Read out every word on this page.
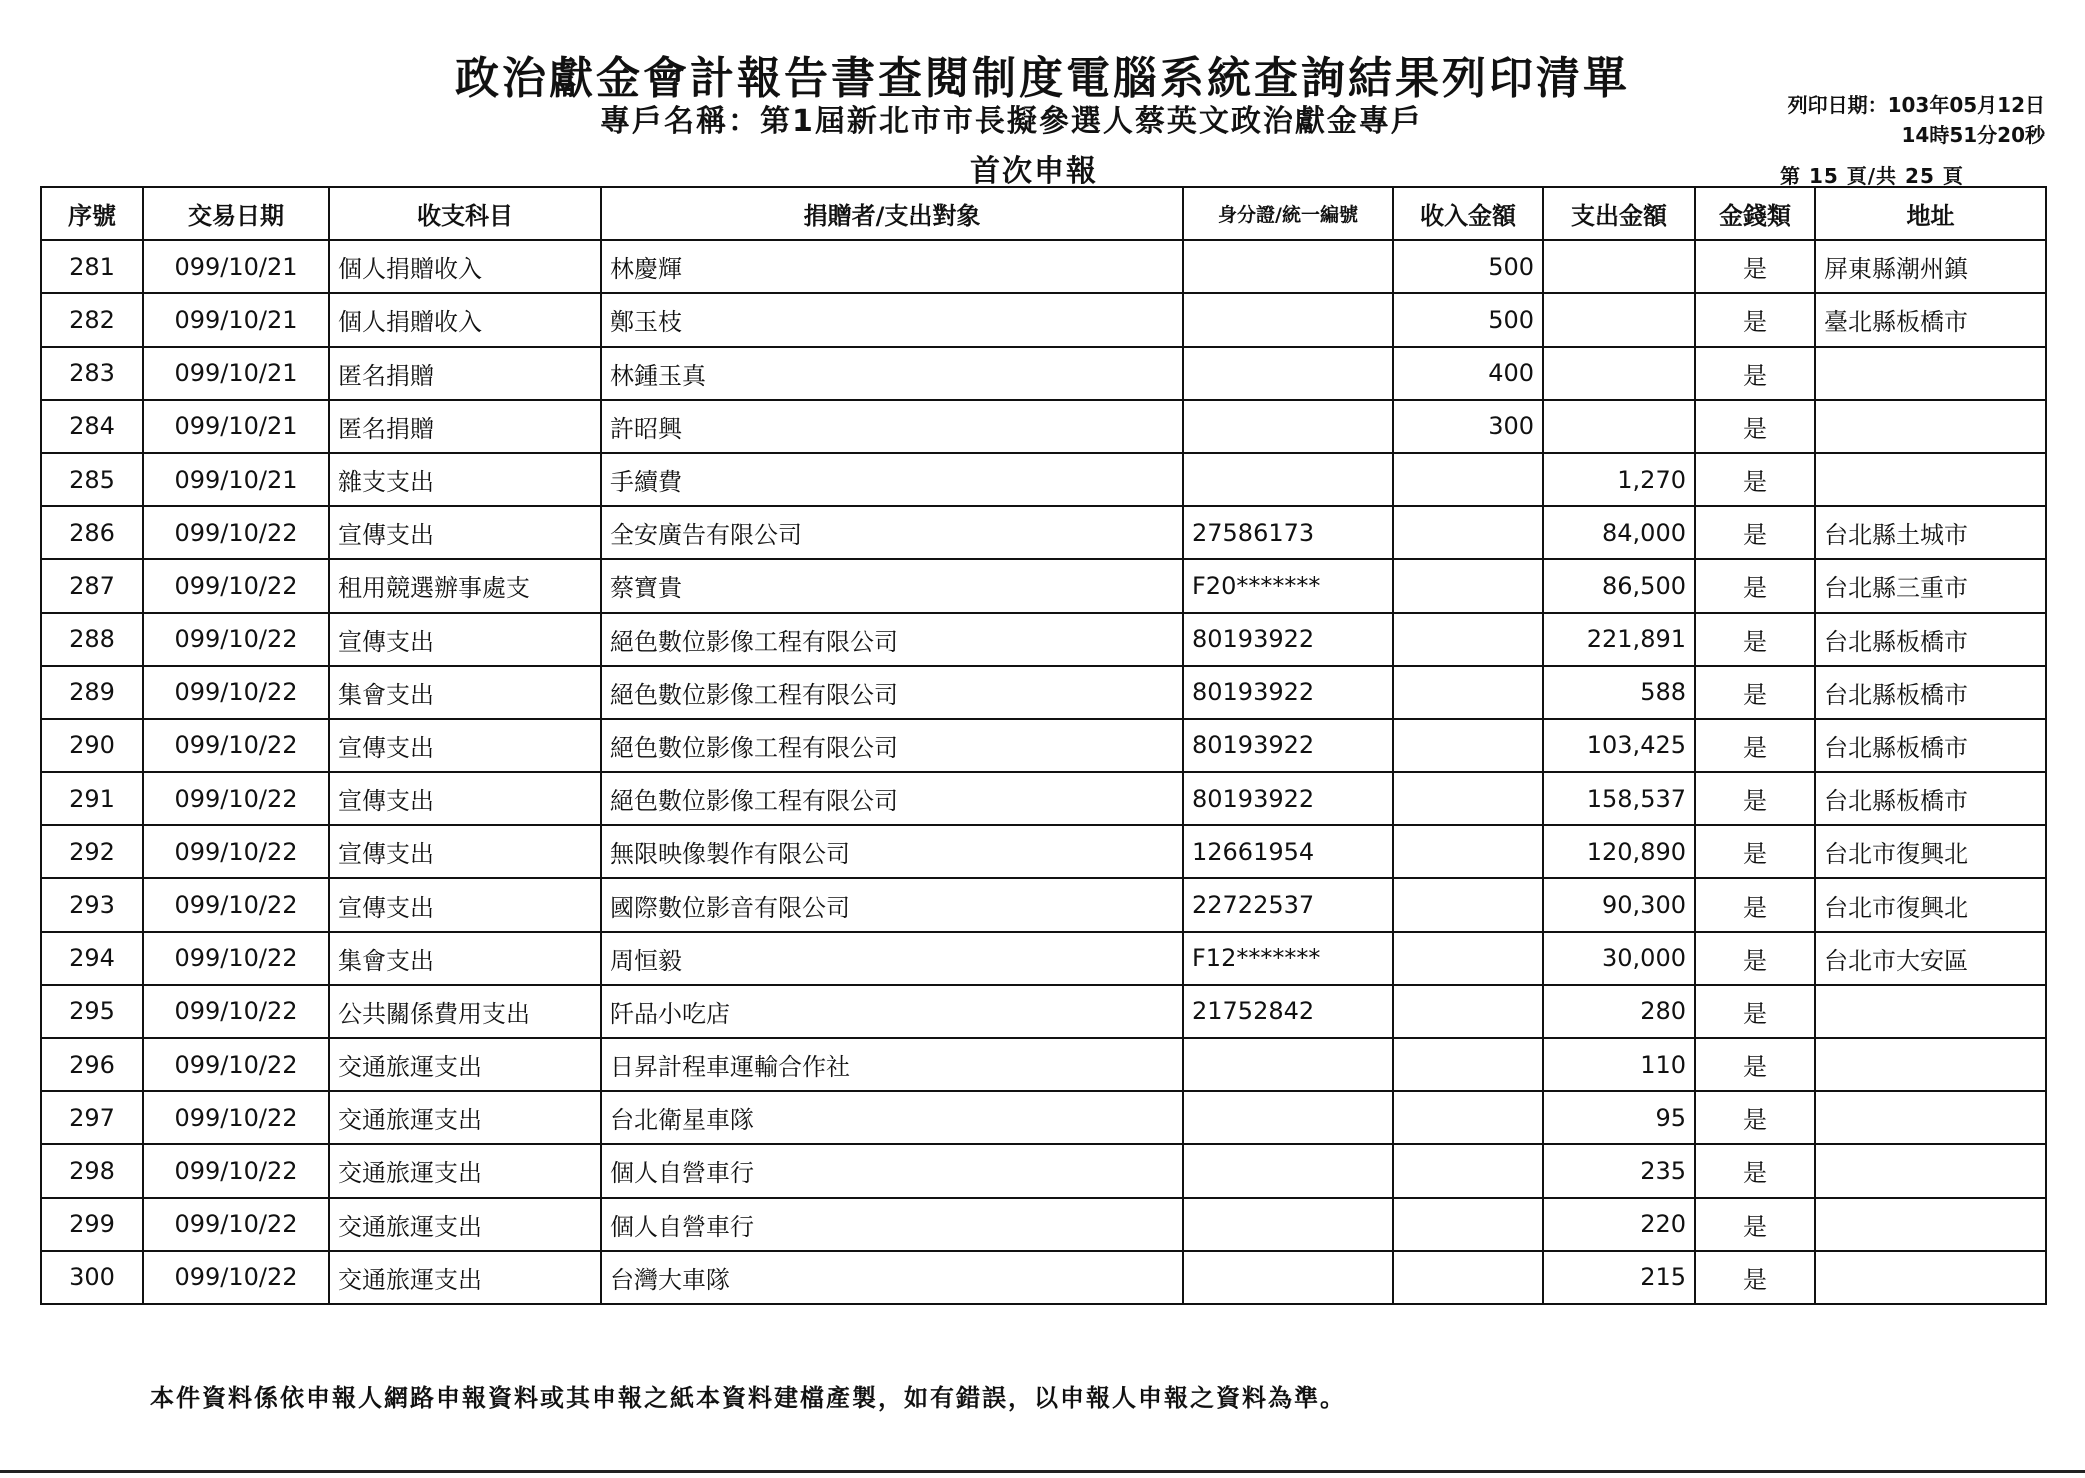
政治獻金會計報告書查閱制度電腦系統查詢結果列印清單
專戶名稱：第1屆新北市市長擬參選人蔡英文政治獻金專戶
首次申報
列印日期：103年05月12日
14時51分20秒
第 15 頁/共 25 頁
序號	交易日期	收支科目	捐贈者/支出對象	身分證/統一編號	收入金額	支出金額	金錢類	地址
281	099/10/21	個人捐贈收入	林慶輝		500		是	屏東縣潮州鎮
282	099/10/21	個人捐贈收入	鄭玉枝		500		是	臺北縣板橋市
283	099/10/21	匿名捐贈	林鍾玉真		400		是	
284	099/10/21	匿名捐贈	許昭興		300		是	
285	099/10/21	雜支支出	手續費			1,270	是	
286	099/10/22	宣傳支出	全安廣告有限公司	27586173		84,000	是	台北縣土城市
287	099/10/22	租用競選辦事處支	蔡寶貴	F20*******		86,500	是	台北縣三重市
288	099/10/22	宣傳支出	絕色數位影像工程有限公司	80193922		221,891	是	台北縣板橋市
289	099/10/22	集會支出	絕色數位影像工程有限公司	80193922		588	是	台北縣板橋市
290	099/10/22	宣傳支出	絕色數位影像工程有限公司	80193922		103,425	是	台北縣板橋市
291	099/10/22	宣傳支出	絕色數位影像工程有限公司	80193922		158,537	是	台北縣板橋市
292	099/10/22	宣傳支出	無限映像製作有限公司	12661954		120,890	是	台北市復興北
293	099/10/22	宣傳支出	國際數位影音有限公司	22722537		90,300	是	台北市復興北
294	099/10/22	集會支出	周恒毅	F12*******		30,000	是	台北市大安區
295	099/10/22	公共關係費用支出	阡品小吃店	21752842		280	是	
296	099/10/22	交通旅運支出	日昇計程車運輸合作社			110	是	
297	099/10/22	交通旅運支出	台北衛星車隊			95	是	
298	099/10/22	交通旅運支出	個人自營車行			235	是	
299	099/10/22	交通旅運支出	個人自營車行			220	是	
300	099/10/22	交通旅運支出	台灣大車隊			215	是	
本件資料係依申報人網路申報資料或其申報之紙本資料建檔產製，如有錯誤，以申報人申報之資料為準。
